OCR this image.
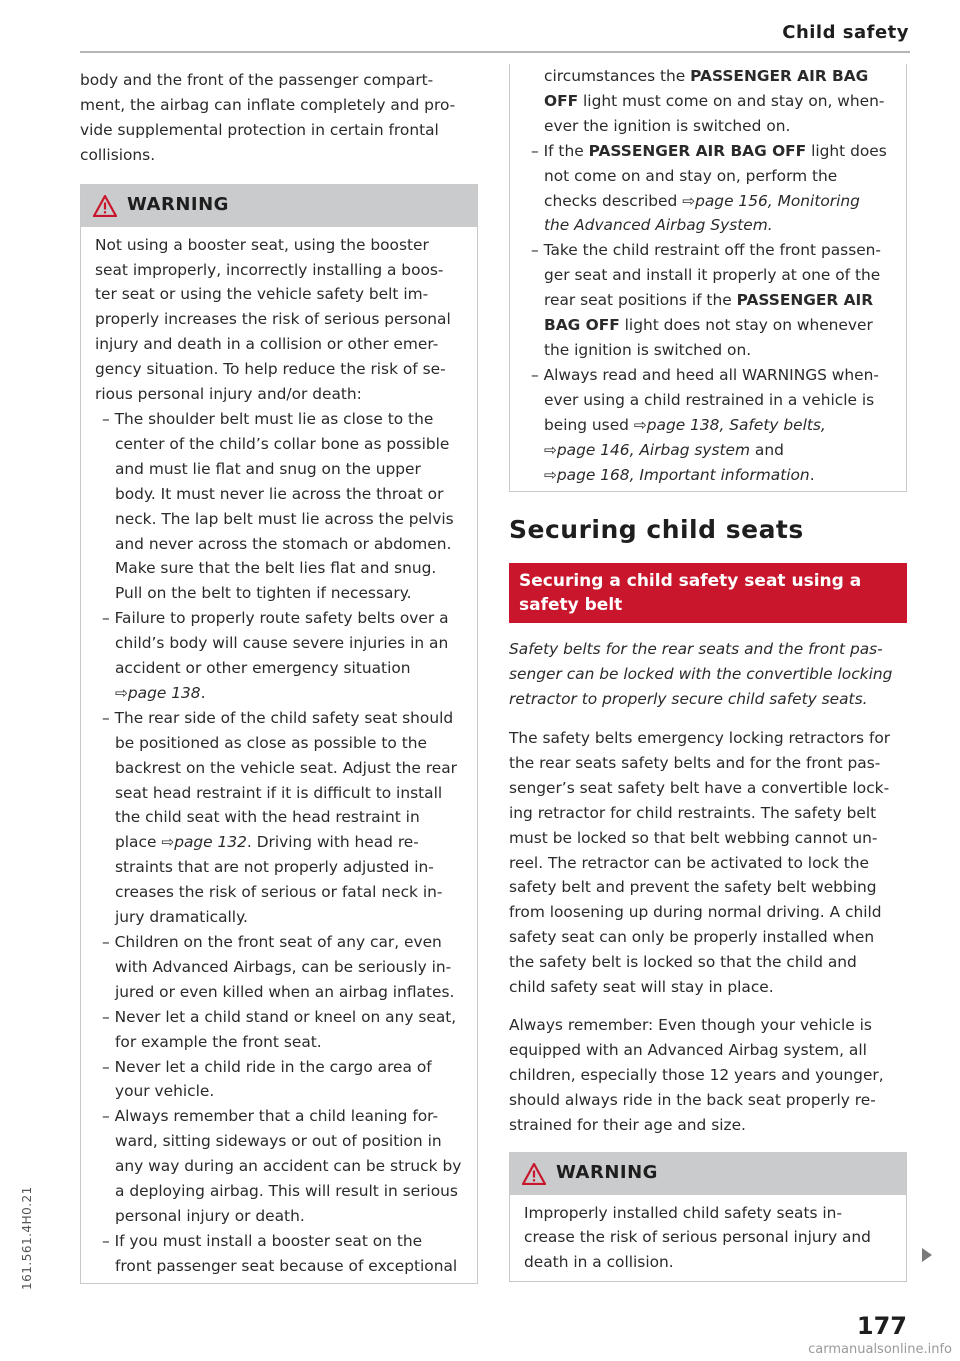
Child safety

body and the front of the passenger compart-
ment, the airbag can inflate completely and pro-
vide supplemental protection in certain frontal
collisions.

WARNING

Not using a booster seat, using the booster
seat improperly, incorrectly installing a boos-
ter seat or using the vehicle safety belt im-
properly increases the risk of serious personal
injury and death in a collision or other emer-
gency situation. To help reduce the risk of se-
rious personal injury and/or death:

– The shoulder belt must lie as close to the
center of the child’s collar bone as possible
and must lie flat and snug on the upper
body. It must never lie across the throat or
neck. The lap belt must lie across the pelvis
and never across the stomach or abdomen.
Make sure that the belt lies flat and snug.
Pull on the belt to tighten if necessary.

– Failure to properly route safety belts over a
child’s body will cause severe injuries in an
accident or other emergency situation
⇨page 138.

– The rear side of the child safety seat should
be positioned as close as possible to the
backrest on the vehicle seat. Adjust the rear
seat head restraint if it is difficult to install
the child seat with the head restraint in
place ⇨page 132. Driving with head re-
straints that are not properly adjusted in-
creases the risk of serious or fatal neck in-
jury dramatically.

– Children on the front seat of any car, even
with Advanced Airbags, can be seriously in-
jured or even killed when an airbag inflates.

– Never let a child stand or kneel on any seat,
for example the front seat.

– Never let a child ride in the cargo area of
your vehicle.

– Always remember that a child leaning for-
ward, sitting sideways or out of position in
any way during an accident can be struck by
a deploying airbag. This will result in serious
personal injury or death.

– If you must install a booster seat on the
front passenger seat because of exceptional

circumstances the PASSENGER AIR BAG
OFF light must come on and stay on, when-
ever the ignition is switched on.

– If the PASSENGER AIR BAG OFF light does
not come on and stay on, perform the
checks described ⇨page 156, Monitoring
the Advanced Airbag System.

– Take the child restraint off the front passen-
ger seat and install it properly at one of the
rear seat positions if the PASSENGER AIR
BAG OFF light does not stay on whenever
the ignition is switched on.

– Always read and heed all WARNINGS when-
ever using a child restrained in a vehicle is
being used ⇨page 138, Safety belts,
⇨page 146, Airbag system and
⇨page 168, Important information.

Securing child seats
Securing a child safety seat using a safety belt

Safety belts for the rear seats and the front pas-
senger can be locked with the convertible locking
retractor to properly secure child safety seats.

The safety belts emergency locking retractors for
the rear seats safety belts and for the front pas-
senger’s seat safety belt have a convertible lock-
ing retractor for child restraints. The safety belt
must be locked so that belt webbing cannot un-
reel. The retractor can be activated to lock the
safety belt and prevent the safety belt webbing
from loosening up during normal driving. A child
safety seat can only be properly installed when
the safety belt is locked so that the child and
child safety seat will stay in place.

Always remember: Even though your vehicle is
equipped with an Advanced Airbag system, all
children, especially those 12 years and younger,
should always ride in the back seat properly re-
strained for their age and size.

WARNING

Improperly installed child safety seats in-
crease the risk of serious personal injury and
death in a collision.

177
161.561.4H0.21
carmanualsonline.info
